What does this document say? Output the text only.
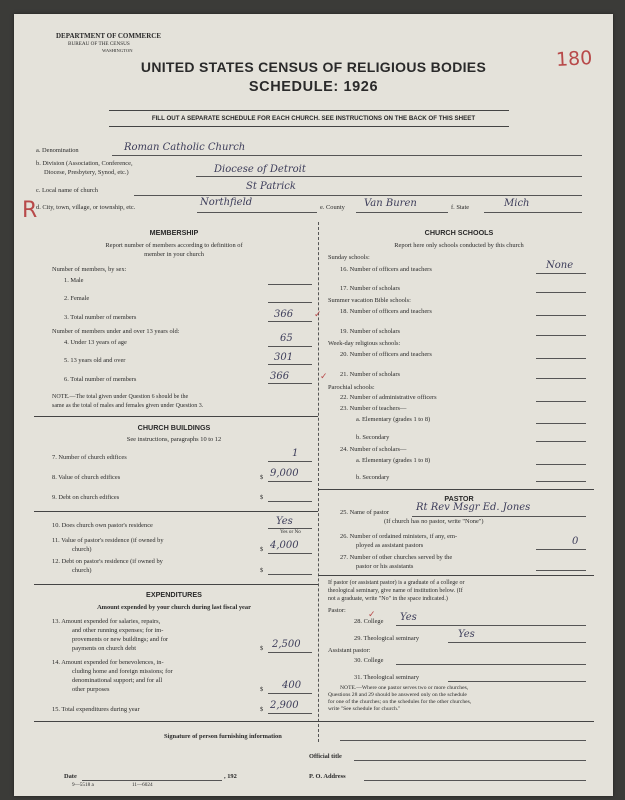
DEPARTMENT OF COMMERCE
BUREAU OF THE CENSUS
WASHINGTON	180
UNITED STATES CENSUS OF RELIGIOUS BODIES
SCHEDULE: 1926
FILL OUT A SEPARATE SCHEDULE FOR EACH CHURCH. SEE INSTRUCTIONS ON THE BACK OF THIS SHEET
a. Denomination	Roman Catholic Church
b. Division (Association, Conference,
Diocese, Presbytery, Synod, etc.)	Diocese of Detroit
c. Local name of church	St Patrick
R
d. City, town, village, or township, etc.	Northfield	e. County Van Buren	f. State	Mich
MEMBERSHIP
Report number of members according to definition of
member in your church
Number of members, by sex:
1. Male
2. Female
3. Total number of members	366
Number of members under and over 13 years old:
4. Under 13 years of age	65
5. 13 years old and over	301
6. Total number of members	366
NOTE.—The total given under Question 6 should be the
same as the total of males and females given under Question 3.
CHURCH BUILDINGS
See instructions, paragraphs 10 to 12
7. Number of church edifices	1
8. Value of church edifices	$ 9,000
9. Debt on church edifices	$
10. Does church own pastor's residence	Yes
Yes or No
11. Value of pastor's residence (if owned by
church)	$ 4,000
12. Debt on pastor's residence (if owned by
church)	$
EXPENDITURES
Amount expended by your church during last fiscal year
13. Amount expended for salaries, repairs,
and other running expenses; for im-
provements or new buildings; and for
payments on church debt	$ 2,500
14. Amount expended for benevolences, in-
cluding home and foreign missions; for
denominational support; and for all
other purposes	$ 400
15. Total expenditures during year	$ 2,900
CHURCH SCHOOLS
Report here only schools conducted by this church
Sunday schools:
16. Number of officers and teachers	None
17. Number of scholars
Summer vacation Bible schools:
18. Number of officers and teachers
19. Number of scholars
Week-day religious schools:
20. Number of officers and teachers
21. Number of scholars
Parochial schools:
22. Number of administrative officers
23. Number of teachers—
a. Elementary (grades 1 to 8)
b. Secondary
24. Number of scholars—
a. Elementary (grades 1 to 8)
b. Secondary
PASTOR
25. Name of pastor	Rt Rev Msgr Ed. Jones
(If church has no pastor, write "None")
26. Number of ordained ministers, if any, em-
ployed as assistant pastors	0
27. Number of other churches served by the
pastor or his assistants
If pastor (or assistant pastor) is a graduate of a college or
theological seminary, give name of institution below. (If
not a graduate, write "No" in the space indicated.)
Pastor:
28. College Yes
29. Theological seminary	Yes
Assistant pastor:
30. College
31. Theological seminary
NOTE.—Where one pastor serves two or more churches,
Questions 28 and 29 should be answered only on the schedule
for one of the churches; on the schedules for the other churches,
write "See schedule for church."
Signature of person furnishing information
Official title
Date	, 192	P. O. Address
9—5518 a	11—6024
✓
✓
✓
